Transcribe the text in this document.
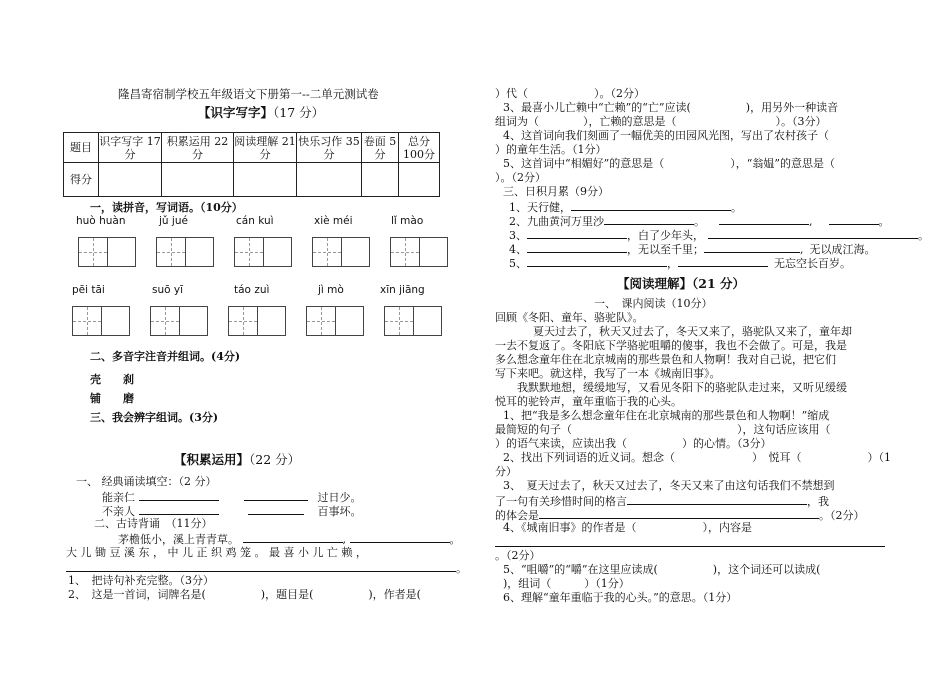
隆昌寄宿制学校五年级语文下册第一--二单元测试卷
【识字写字】（17 分）
题目	识字写字 17分	积累运用 22分	阅读理解 21 分	快乐习作 35 分	卷面 5分	总分 100分
得分						
一，读拼音，写词语。（10分）
huò huàn	jǔ jué	cán kuì	xiè méi	lǐ mào
pēi tāi	suō yī	táo zuì	jì mò	xīn jiāng
二、多音字注音并组词。(4分)
壳　　刹
铺　　磨
三、我会辨字组词。(3分)
【积累运用】（22 分）
一、 经典诵读填空：（2 分）
能亲仁	过日少。
不亲人	百事坏。
二、古诗背诵　（11分）
茅檐低小，溪上青青草。	,	。
大 儿 锄 豆 溪 东 ， 中 儿 正 织 鸡 笼 。 最 喜 小 儿 亡 赖 ，
。
1、　把诗句补充完整。（3分）
2、　这是一首词，词牌名是(　　　　　)，题目是(　　　　　)，作者是(
）代（　　　　　　）。（2分）
3、最喜小儿亡赖中“亡赖”的“亡”应读(　　　　　)，用另外一种读音
组词为（　　　　），亡赖的意思是（　　　　　　　　　）。（3分）
4、这首词向我们刻画了一幅优美的田园风光图，写出了农村孩子（
）的童年生活。（1分）
5、这首词中“相媚好”的意思是（　　　　　　），“翁媪”的意思是（
）。（2分）
三、日积月累（9分）
1、天行健，	。
2、九曲黄河万里沙	。	,	。
3、	，白了少年头，	。
4、	，无以至千里；	, 无以成江海。
5、	，	无忘空长百岁。
【阅读理解】（21 分）
一、　课内阅读（10分）
回顾《冬阳、童年、骆驼队》。
夏天过去了，秋天又过去了，冬天又来了，骆驼队又来了，童年却
一去不复返了。冬阳底下学骆驼咀嚼的傻事，我也不会做了。可是，我是
多么想念童年住在北京城南的那些景色和人物啊！我对自己说，把它们
写下来吧。就这样，我写了一本《城南旧事》。
我默默地想，缓缓地写，又看见冬阳下的骆驼队走过来，又听见缓缓
悦耳的驼铃声，童年重临于我的心头。
1、把“我是多么想念童年住在北京城南的那些景色和人物啊！”缩成
最简短的句子（　　　　　　　　　　　　　　　），这句话应该用（
）的语气来读，应读出我（　　　　　）的心情。（3分）
2、找出下列词语的近义词。想念（　　　　　　　）　悦耳（　　　　　　）（1
分）
3、　夏天过去了，秋天又过去了，冬天又来了由这句话我们不禁想到
了一句有关珍惜时间的格言	，我
的体会是	。（2分）
4、《城南旧事》的作者是（　　　　　　），内容是
。（2分）
5、“咀嚼”的“嚼”在这里应读成(　　　　　)，这个词还可以读成(
)，组词（　　　）（1分）
6、理解“童年重临于我的心头。”的意思。（1分）
